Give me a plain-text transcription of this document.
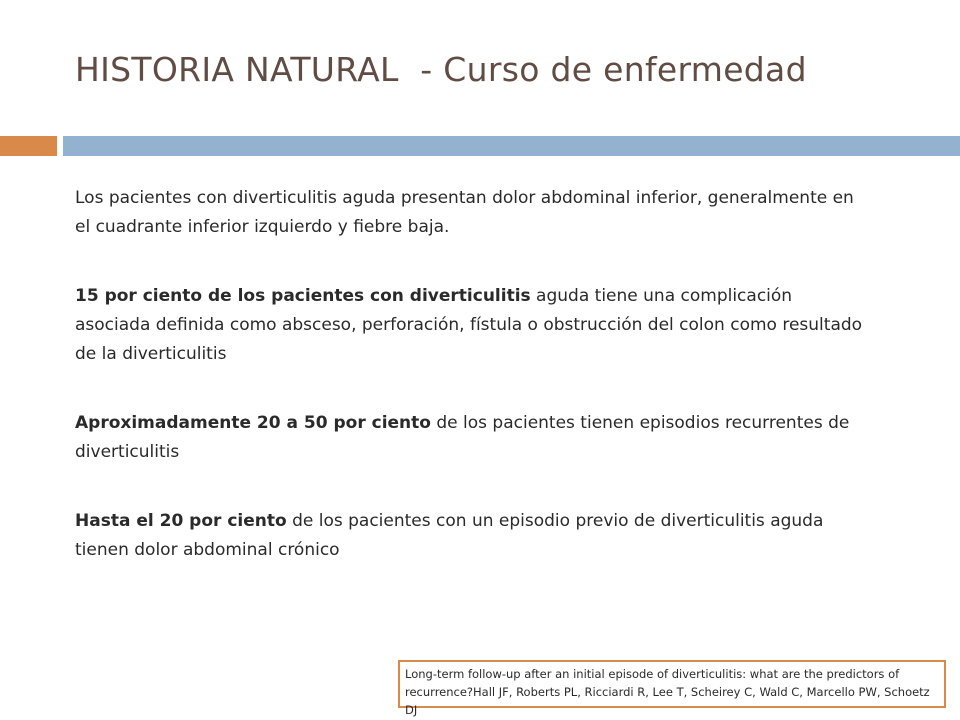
HISTORIA NATURAL  - Curso de enfermedad

Los pacientes con diverticulitis aguda presentan dolor abdominal inferior, generalmente en el cuadrante inferior izquierdo y fiebre baja.

15 por ciento de los pacientes con diverticulitis aguda tiene una complicación asociada definida como absceso, perforación, fístula o obstrucción del colon como resultado de la diverticulitis

Aproximadamente 20 a 50 por ciento de los pacientes tienen episodios recurrentes de diverticulitis

Hasta el 20 por ciento de los pacientes con un episodio previo de diverticulitis aguda tienen dolor abdominal crónico

Long-term follow-up after an initial episode of diverticulitis: what are the predictors of recurrence?Hall JF, Roberts PL, Ricciardi R, Lee T, Scheirey C, Wald C, Marcello PW, Schoetz DJ
